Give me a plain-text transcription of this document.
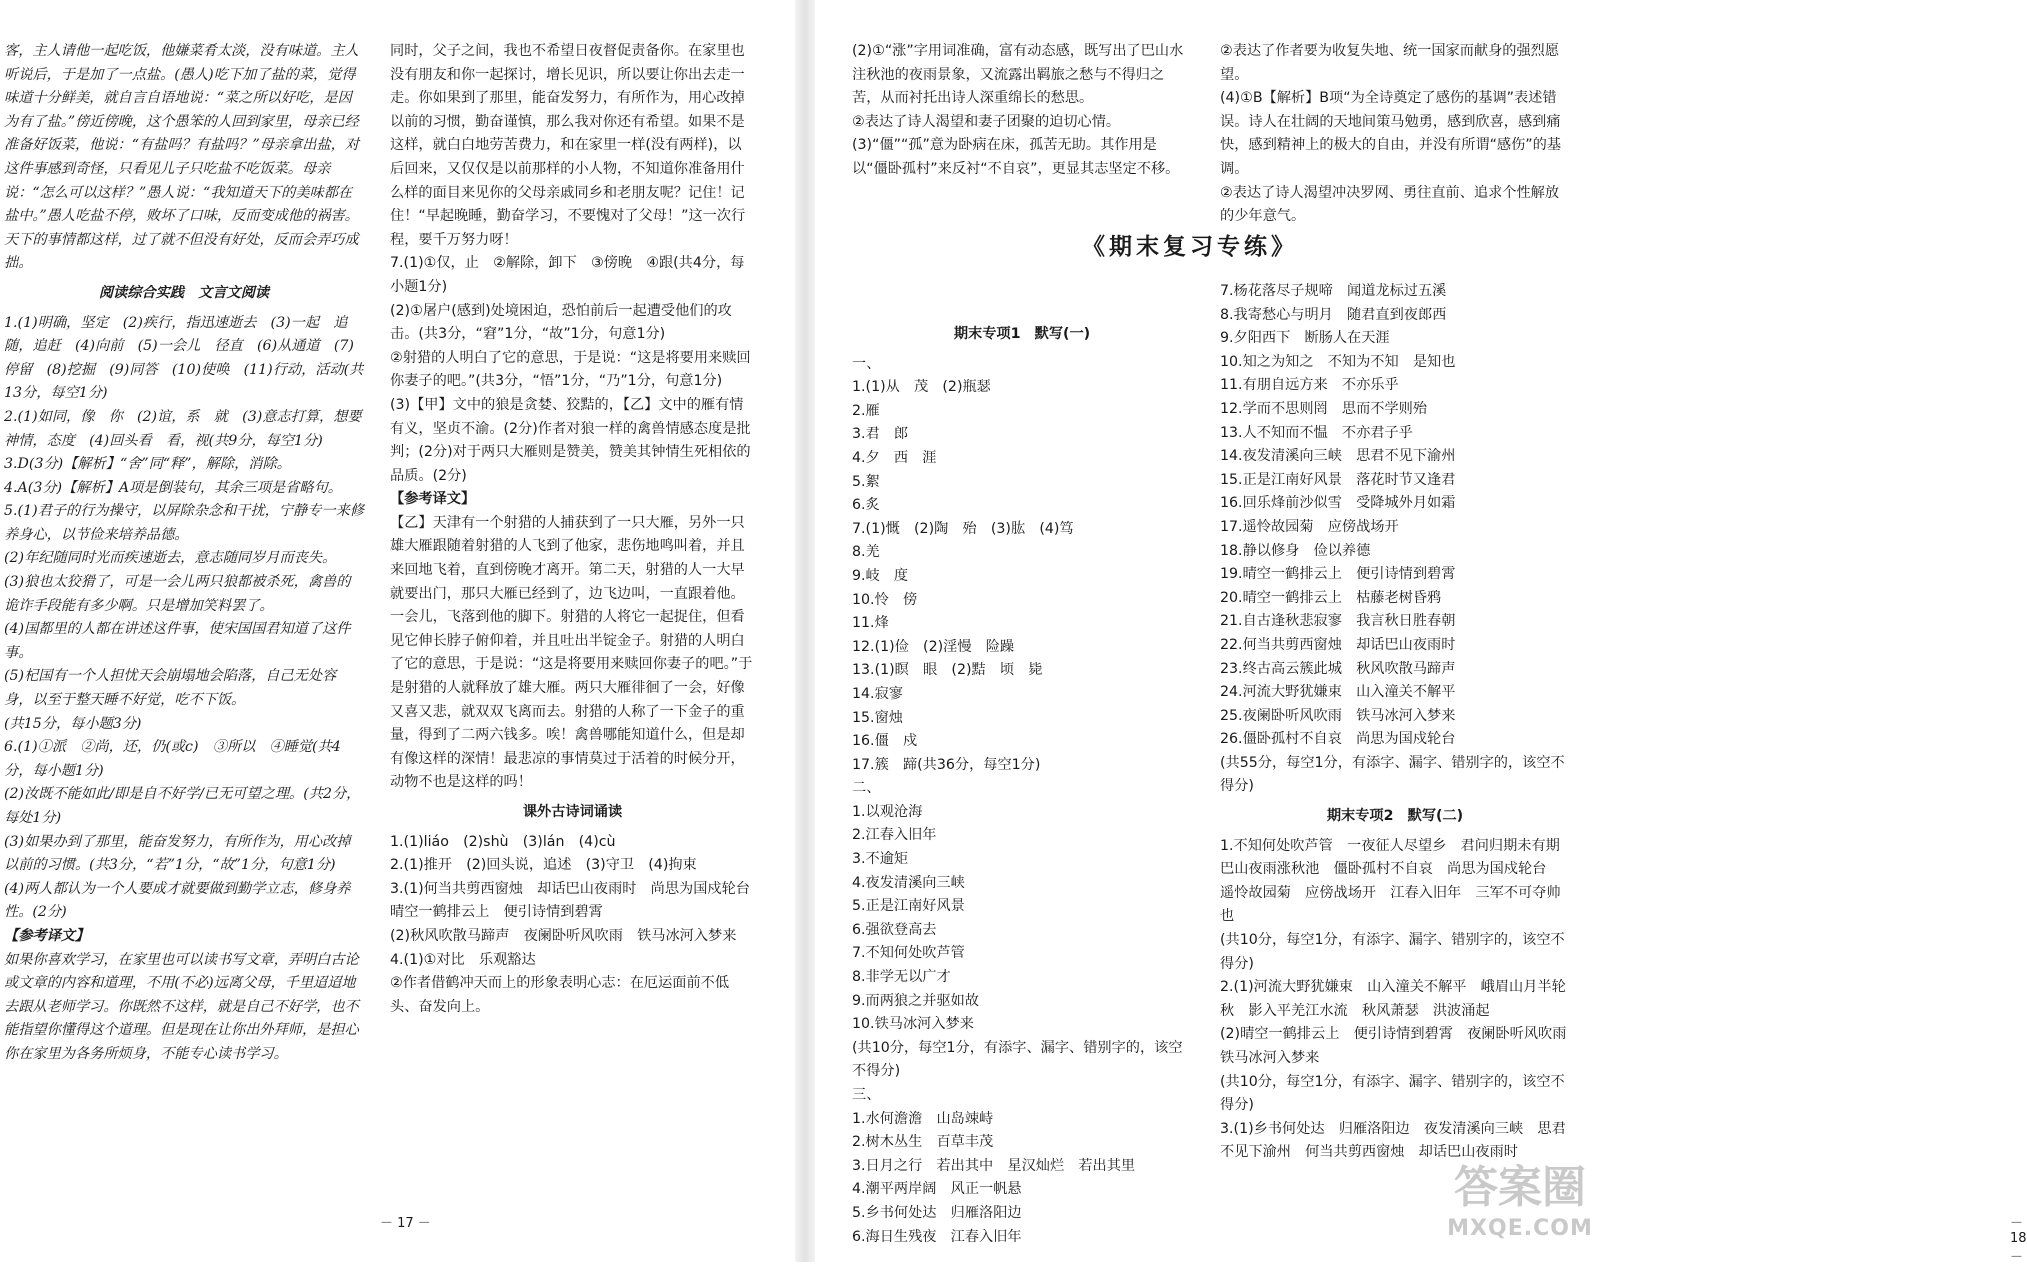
客，主人请他一起吃饭，他嫌菜肴太淡，没有味道。主人听说后，于是加了一点盐。(愚人)吃下加了盐的菜，觉得味道十分鲜美，就自言自语地说：“菜之所以好吃，是因为有了盐。”傍近傍晚，这个愚笨的人回到家里，母亲已经准备好饭菜，他说：“有盐吗？有盐吗？”母亲拿出盐，对这件事感到奇怪，只看见儿子只吃盐不吃饭菜。母亲说：“怎么可以这样？”愚人说：“我知道天下的美味都在盐中。”愚人吃盐不停，败坏了口味，反而变成他的祸害。天下的事情都这样，过了就不但没有好处，反而会弄巧成拙。
阅读综合实践　文言文阅读
1.(1)明确，坚定　(2)疾行，指迅速逝去　(3)一起　追随，追赶　(4)向前　(5)一会儿　径直　(6)从通道　(7)停留　(8)挖掘　(9)同答　(10)使唤　(11)行动，活动(共13分，每空1分)
2.(1)如同，像　你　(2)谊，系　就　(3)意志打算，想要　神情，态度　(4)回头看　看，视(共9分，每空1分)
3.D(3分)【解析】“舍”同“释”，解除，消除。
4.A(3分)【解析】A项是倒装句，其余三项是省略句。
5.(1)君子的行为操守，以屏除杂念和干扰，宁静专一来修养身心，以节俭来培养品德。
(2)年纪随同时光而疾速逝去，意志随同岁月而丧失。
(3)狼也太狡猾了，可是一会儿两只狼都被杀死，禽兽的诡诈手段能有多少啊。只是增加笑料罢了。
(4)国都里的人都在讲述这件事，使宋国国君知道了这件事。
(5)杞国有一个人担忧天会崩塌地会陷落，自己无处容身，以至于整天睡不好觉，吃不下饭。
(共15分，每小题3分)
6.(1)①派　②尚，还，仍(或c)　③所以　④睡觉(共4分，每小题1分)
(2)汝既不能如此/即是自不好学/已无可望之理。(共2分，每处1分)
(3)如果办到了那里，能奋发努力，有所作为，用心改掉以前的习惯。(共3分，“若”1分，“故”1分，句意1分)
(4)两人都认为一个人要成才就要做到勤学立志，修身养性。(2分)
【参考译文】
如果你喜欢学习，在家里也可以读书写文章，弄明白古论或文章的内容和道理，不用(不必)远离父母，千里迢迢地去跟从老师学习。你既然不这样，就是自己不好学，也不能指望你懂得这个道理。但是现在让你出外拜师，是担心你在家里为各务所烦身，不能专心读书学习。
同时，父子之间，我也不希望日夜督促责备你。在家里也没有朋友和你一起探讨，增长见识，所以要让你出去走一走。你如果到了那里，能奋发努力，有所作为，用心改掉以前的习惯，勤奋谨慎，那么我对你还有希望。如果不是这样，就白白地劳苦费力，和在家里一样(没有两样)，以后回来，又仅仅是以前那样的小人物，不知道你准备用什么样的面目来见你的父母亲戚同乡和老朋友呢？记住！记住！“早起晚睡，勤奋学习，不要愧对了父母！”这一次行程，要千万努力呀！
7.(1)①仅，止　②解除，卸下　③傍晚　④跟(共4分，每小题1分)
(2)①屠户(感到)处境困迫，恐怕前后一起遭受他们的攻击。(共3分，“窘”1分，“故”1分，句意1分)
②射猎的人明白了它的意思，于是说：“这是将要用来赎回你妻子的吧。”(共3分，“悟”1分，“乃”1分，句意1分)
(3)【甲】文中的狼是贪婪、狡黠的，【乙】文中的雁有情有义，坚贞不渝。(2分)作者对狼一样的禽兽情感态度是批判；(2分)对于两只大雁则是赞美，赞美其钟情生死相依的品质。(2分)
【参考译文】
【乙】天津有一个射猎的人捕获到了一只大雁，另外一只雄大雁跟随着射猎的人飞到了他家，悲伤地鸣叫着，并且来回地飞着，直到傍晚才离开。第二天，射猎的人一大早就要出门，那只大雁已经到了，边飞边叫，一直跟着他。一会儿，飞落到他的脚下。射猎的人将它一起捉住，但看见它伸长脖子俯仰着，并且吐出半锭金子。射猎的人明白了它的意思，于是说：“这是将要用来赎回你妻子的吧。”于是射猎的人就释放了雄大雁。两只大雁徘徊了一会，好像又喜又悲，就双双飞离而去。射猎的人称了一下金子的重量，得到了二两六钱多。唉！禽兽哪能知道什么，但是却有像这样的深情！最悲凉的事情莫过于活着的时候分开，动物不也是这样的吗！
课外古诗词诵读
1.(1)liáo　(2)shù　(3)lán　(4)cù
2.(1)推开　(2)回头说，追述　(3)守卫　(4)拘束
3.(1)何当共剪西窗烛　却话巴山夜雨时　尚思为国戍轮台　晴空一鹤排云上　便引诗情到碧霄
(2)秋风吹散马蹄声　夜阑卧听风吹雨　铁马冰河入梦来
4.(1)①对比　乐观豁达
②作者借鹤冲天而上的形象表明心志：在厄运面前不低头、奋发向上。
－ 17 －
(2)①“涨”字用词准确，富有动态感，既写出了巴山水注秋池的夜雨景象，又流露出羁旅之愁与不得归之苦，从而衬托出诗人深重绵长的愁思。
②表达了诗人渴望和妻子团聚的迫切心情。
(3)“僵”“孤”意为卧病在床，孤苦无助。其作用是以“僵卧孤村”来反衬“不自哀”，更显其志坚定不移。
②表达了作者要为收复失地、统一国家而献身的强烈愿望。
(4)①B【解析】B项“为全诗奠定了感伤的基调”表述错误。诗人在壮阔的天地间策马勉勇，感到欣喜，感到痛快，感到精神上的极大的自由，并没有所谓“感伤”的基调。
②表达了诗人渴望冲决罗网、勇往直前、追求个性解放的少年意气。
《期末复习专练》
期末专项1　默写(一)
一、
1.(1)从　茂　(2)瓶瑟
2.雁
3.君　郎
4.夕　西　涯
5.絮
6.炙
7.(1)慨　(2)陶　殆　(3)肱　(4)笃
8.羌
9.岐　度
10.怜　傍
11.烽
12.(1)俭　(2)淫慢　险躁
13.(1)瞑　眼　(2)黠　顷　毙
14.寂寥
15.窗烛
16.僵　戍
17.簇　蹄(共36分，每空1分)
二、
1.以观沧海
2.江春入旧年
3.不逾矩
4.夜发清溪向三峡
5.正是江南好风景
6.强欲登高去
7.不知何处吹芦管
8.非学无以广才
9.而两狼之并驱如故
10.铁马冰河入梦来
(共10分，每空1分，有添字、漏字、错别字的，该空不得分)
三、
1.水何澹澹　山岛竦峙
2.树木丛生　百草丰茂
3.日月之行　若出其中　星汉灿烂　若出其里
4.潮平两岸阔　风正一帆悬
5.乡书何处达　归雁洛阳边
6.海日生残夜　江春入旧年
7.杨花落尽子规啼　闻道龙标过五溪
8.我寄愁心与明月　随君直到夜郎西
9.夕阳西下　断肠人在天涯
10.知之为知之　不知为不知　是知也
11.有朋自远方来　不亦乐乎
12.学而不思则罔　思而不学则殆
13.人不知而不愠　不亦君子乎
14.夜发清溪向三峡　思君不见下渝州
15.正是江南好风景　落花时节又逢君
16.回乐烽前沙似雪　受降城外月如霜
17.遥怜故园菊　应傍战场开
18.静以修身　俭以养德
19.晴空一鹤排云上　便引诗情到碧霄
20.晴空一鹤排云上　枯藤老树昏鸦
21.自古逢秋悲寂寥　我言秋日胜春朝
22.何当共剪西窗烛　却话巴山夜雨时
23.终古高云簇此城　秋风吹散马蹄声
24.河流大野犹嫌束　山入潼关不解平
25.夜阑卧听风吹雨　铁马冰河入梦来
26.僵卧孤村不自哀　尚思为国戍轮台
(共55分，每空1分，有添字、漏字、错别字的，该空不得分)
期末专项2　默写(二)
1.不知何处吹芦管　一夜征人尽望乡　君问归期未有期　巴山夜雨涨秋池　僵卧孤村不自哀　尚思为国戍轮台　遥怜故园菊　应傍战场开　江春入旧年　三军不可夺帅也
(共10分，每空1分，有添字、漏字、错别字的，该空不得分)
2.(1)河流大野犹嫌束　山入潼关不解平　峨眉山月半轮秋　影入平羌江水流　秋风萧瑟　洪波涌起
(2)晴空一鹤排云上　便引诗情到碧霄　夜阑卧听风吹雨　铁马冰河入梦来
(共10分，每空1分，有添字、漏字、错别字的，该空不得分)
3.(1)乡书何处达　归雁洛阳边　夜发清溪向三峡　思君不见下渝州　何当共剪西窗烛　却话巴山夜雨时
－ 18 －
答案圈
MXQE.COM
